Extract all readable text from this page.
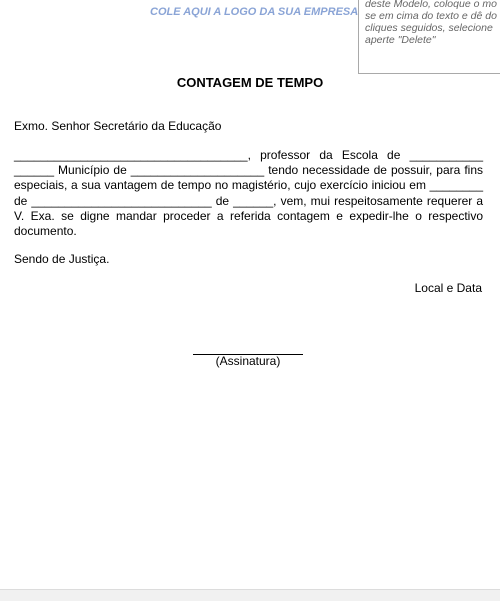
COLE AQUI A LOGO DA SUA EMPRESA
deste Modelo, coloque o mo
se em cima do texto e dê do
cliques seguidos, selecione
aperte "Delete"
CONTAGEM DE TEMPO
Exmo. Senhor Secretário da Educação
___________________________________, professor da Escola de ___________
______ Município de ____________________ tendo necessidade de possuir, para fins especiais, a sua vantagem de tempo no magistério, cujo exercício iniciou em ________ de ___________________________ de ______, vem, mui respeitosamente requerer a V. Exa. se digne mandar proceder a referida contagem e expedir-lhe o respectivo documento.
Sendo de Justiça.
Local e Data
(Assinatura)
